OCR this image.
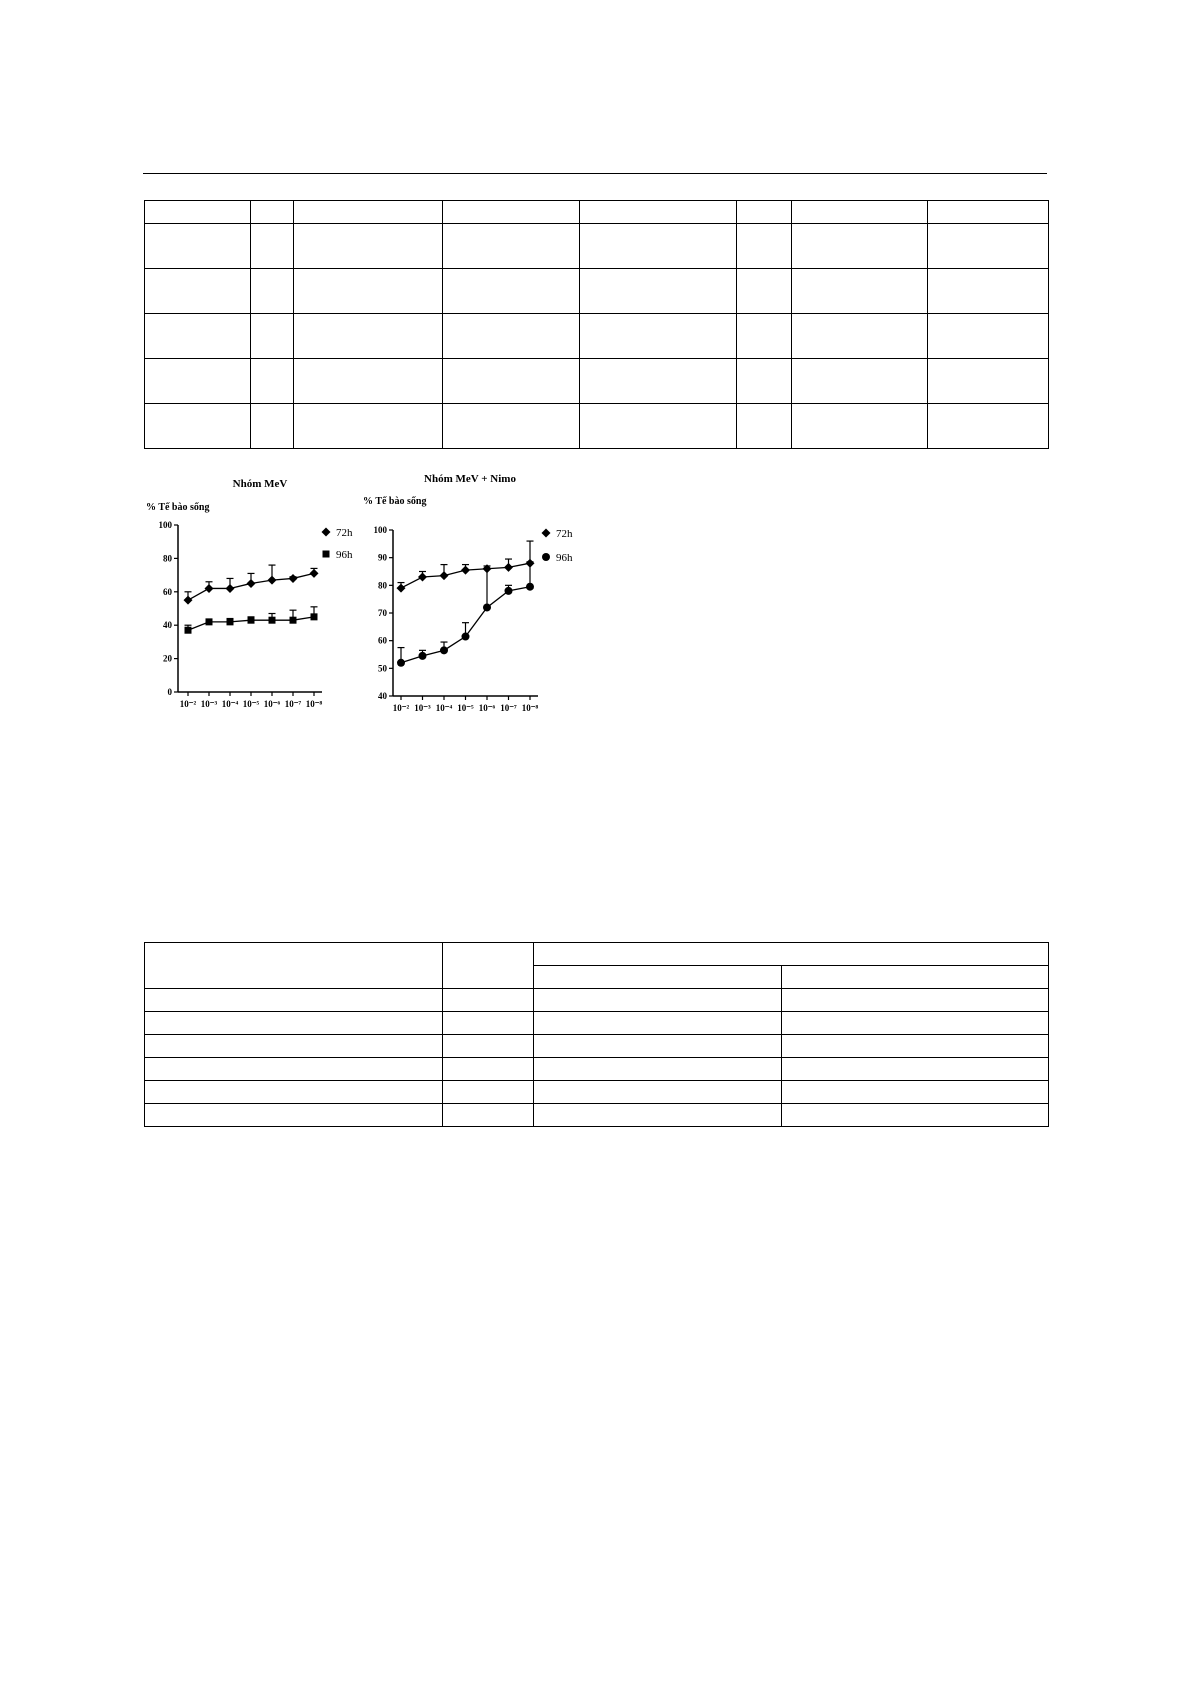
Nhóm MeV
% Tế bào sống
0
20
40
60
80
100
10⁻² 10⁻³ 10⁻⁴ 10⁻⁵ 10⁻⁶ 10⁻⁷ 10⁻⁸
72h
96h
Nhóm MeV + Nimo
% Tế bào sống
40
50
60
70
80
90
100
10⁻² 10⁻³ 10⁻⁴ 10⁻⁵ 10⁻⁶ 10⁻⁷ 10⁻⁸
72h
96h
